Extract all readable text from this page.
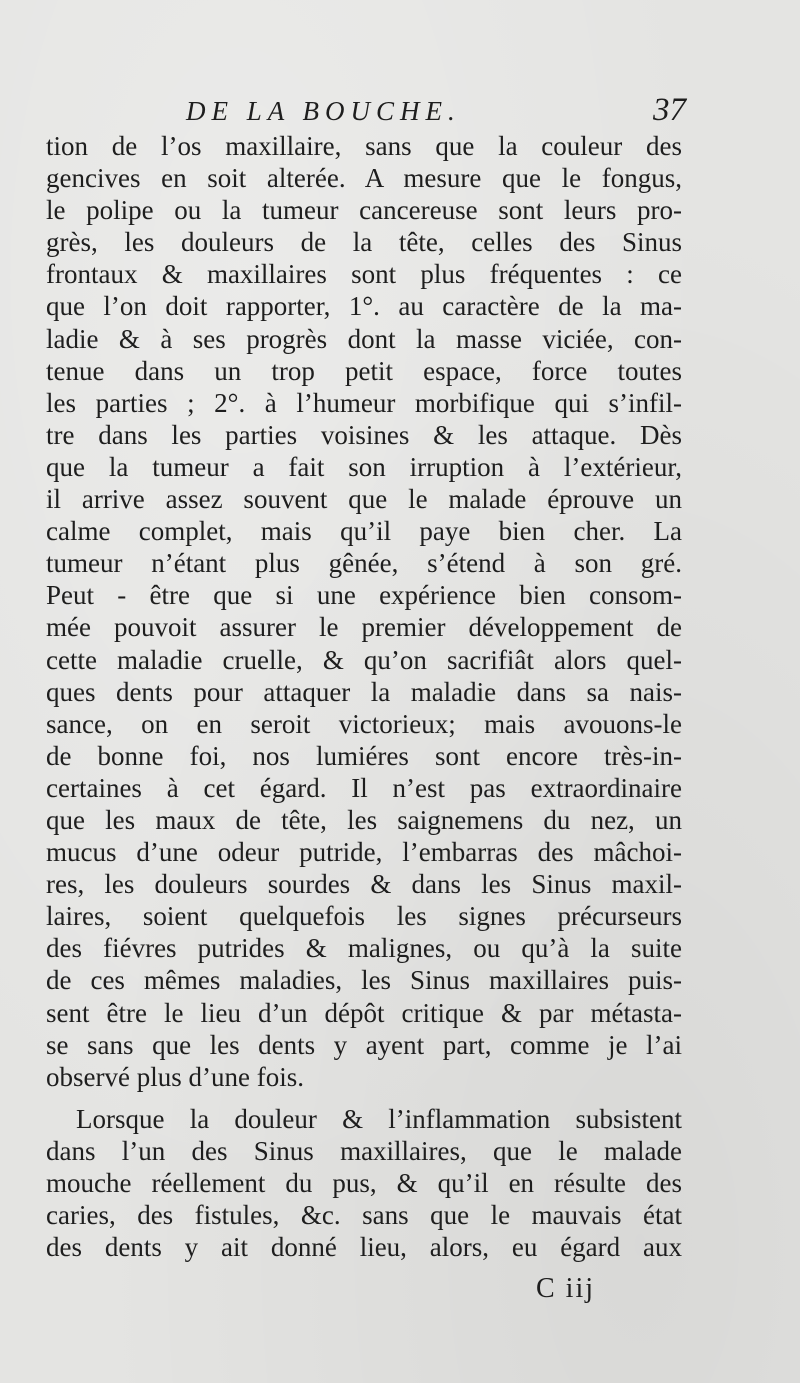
DE LA BOUCHE.	37
tion de l’os maxillaire, sans que la couleur des
gencives en soit alterée. A mesure que le fongus,
le polipe ou la tumeur cancereuse sont leurs pro-
grès, les douleurs de la tête, celles des Sinus
frontaux & maxillaires sont plus fréquentes : ce
que l’on doit rapporter, 1°. au caractère de la ma-
ladie & à ses progrès dont la masse viciée, con-
tenue dans un trop petit espace, force toutes
les parties ; 2°. à l’humeur morbifique qui s’infil-
tre dans les parties voisines & les attaque. Dès
que la tumeur a fait son irruption à l’extérieur,
il arrive assez souvent que le malade éprouve un
calme complet, mais qu’il paye bien cher. La
tumeur n’étant plus gênée, s’étend à son gré.
Peut - être que si une expérience bien consom-
mée pouvoit assurer le premier développement de
cette maladie cruelle, & qu’on sacrifiât alors quel-
ques dents pour attaquer la maladie dans sa nais-
sance, on en seroit victorieux; mais avouons-le
de bonne foi, nos lumiéres sont encore très-in-
certaines à cet égard. Il n’est pas extraordinaire
que les maux de tête, les saignemens du nez, un
mucus d’une odeur putride, l’embarras des mâchoi-
res, les douleurs sourdes & dans les Sinus maxil-
laires, soient quelquefois les signes précurseurs
des fiévres putrides & malignes, ou qu’à la suite
de ces mêmes maladies, les Sinus maxillaires puis-
sent être le lieu d’un dépôt critique & par métasta-
se sans que les dents y ayent part, comme je l’ai
observé plus d’une fois.
Lorsque la douleur & l’inflammation subsistent
dans l’un des Sinus maxillaires, que le malade
mouche réellement du pus, & qu’il en résulte des
caries, des fistules, &c. sans que le mauvais état
des dents y ait donné lieu, alors, eu égard aux
C iij
